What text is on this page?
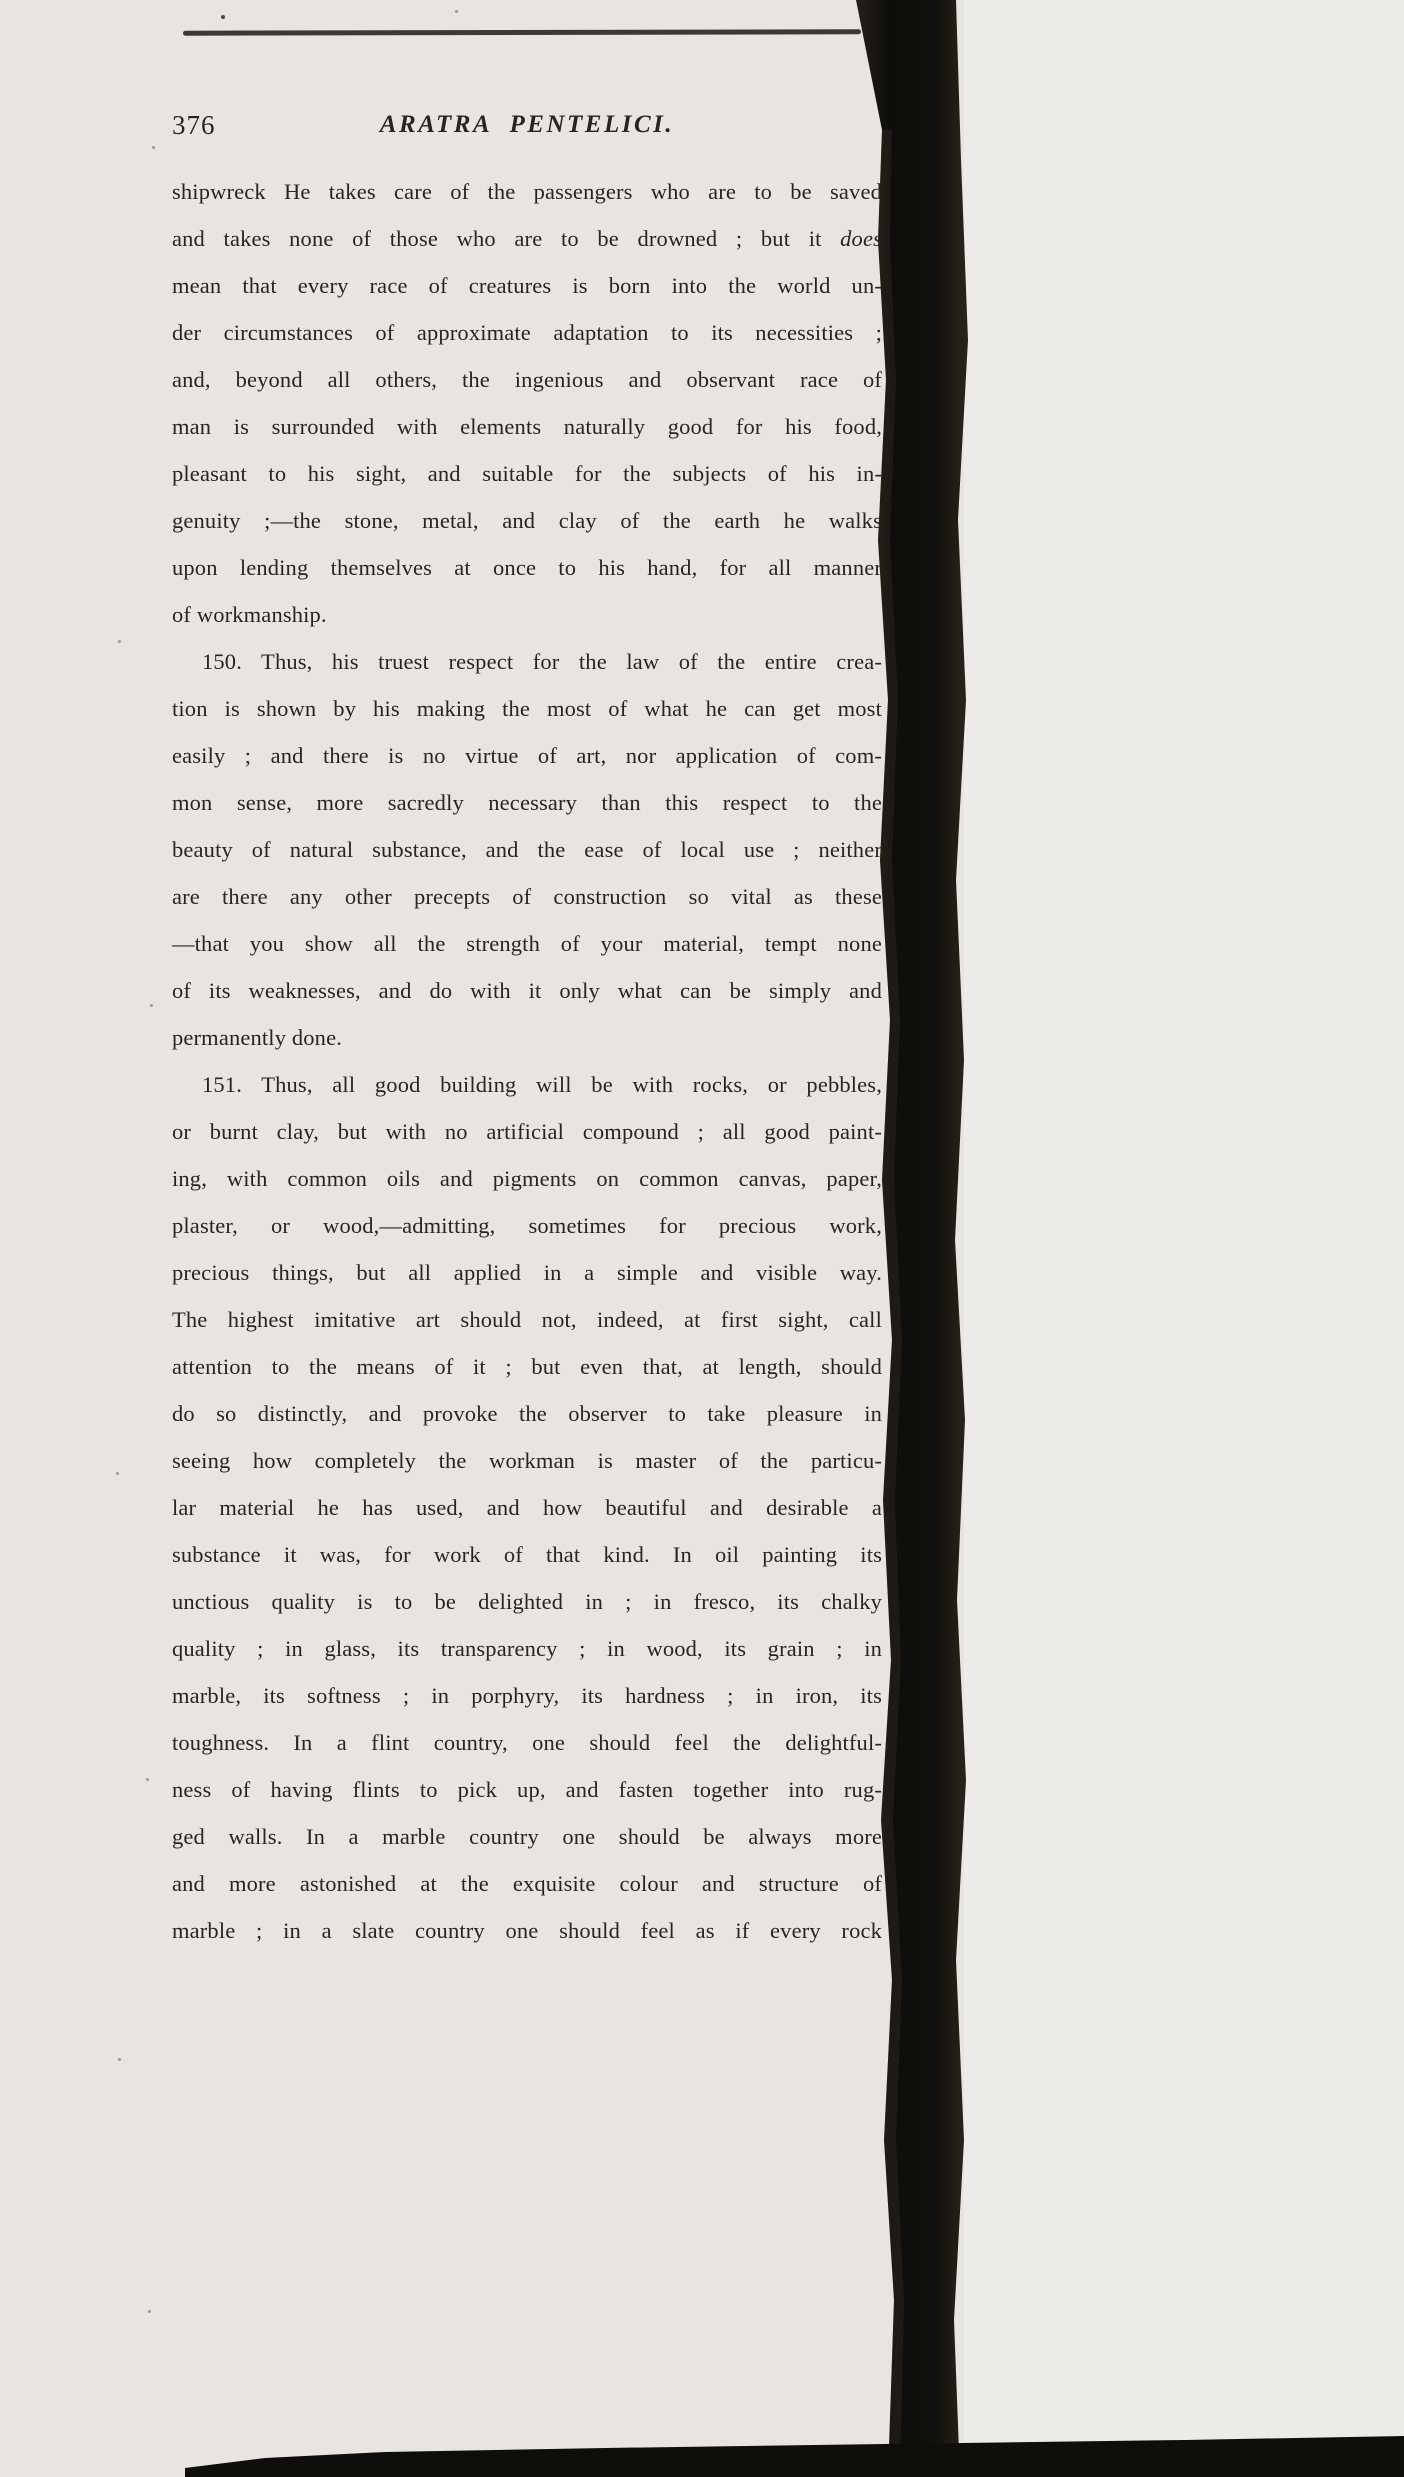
376	ARATRA PENTELICI.
shipwreck He takes care of the passengers who are to be saved
and takes none of those who are to be drowned ; but it does
mean that every race of creatures is born into the world un-
der circumstances of approximate adaptation to its necessities ;
and, beyond all others, the ingenious and observant race of
man is surrounded with elements naturally good for his food,
pleasant to his sight, and suitable for the subjects of his in-
genuity ;—the stone, metal, and clay of the earth he walks
upon lending themselves at once to his hand, for all manner
of workmanship.
150. Thus, his truest respect for the law of the entire crea-
tion is shown by his making the most of what he can get most
easily ; and there is no virtue of art, nor application of com-
mon sense, more sacredly necessary than this respect to the
beauty of natural substance, and the ease of local use ; neither
are there any other precepts of construction so vital as these
—that you show all the strength of your material, tempt none
of its weaknesses, and do with it only what can be simply and
permanently done.
151. Thus, all good building will be with rocks, or pebbles,
or burnt clay, but with no artificial compound ; all good paint-
ing, with common oils and pigments on common canvas, paper,
plaster, or wood,—admitting, sometimes for precious work,
precious things, but all applied in a simple and visible way.
The highest imitative art should not, indeed, at first sight, call
attention to the means of it ; but even that, at length, should
do so distinctly, and provoke the observer to take pleasure in
seeing how completely the workman is master of the particu-
lar material he has used, and how beautiful and desirable a
substance it was, for work of that kind. In oil painting its
unctious quality is to be delighted in ; in fresco, its chalky
quality ; in glass, its transparency ; in wood, its grain ; in
marble, its softness ; in porphyry, its hardness ; in iron, its
toughness. In a flint country, one should feel the delightful-
ness of having flints to pick up, and fasten together into rug-
ged walls. In a marble country one should be always more
and more astonished at the exquisite colour and structure of
marble ; in a slate country one should feel as if every rock
